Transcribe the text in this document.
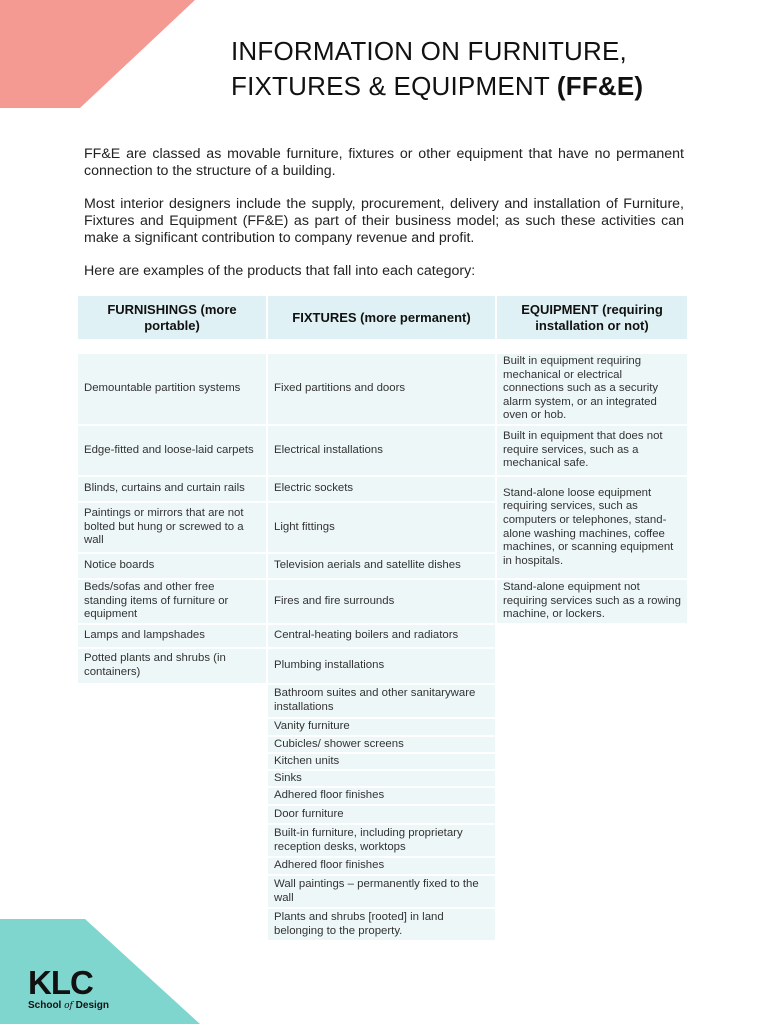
INFORMATION ON FURNITURE,
FIXTURES & EQUIPMENT (FF&E)

FF&E are classed as movable furniture, fixtures or other equipment that have no permanent connection to the structure of a building.

Most interior designers include the supply, procurement, delivery and installation of Furniture, Fixtures and Equipment (FF&E) as part of their business model; as such these activities can make a significant contribution to company revenue and profit.

Here are examples of the products that fall into each category:

FURNISHINGS (more portable)
FIXTURES (more permanent)
EQUIPMENT (requiring installation or not)
Demountable partition systems
Edge-fitted and loose-laid carpets
Blinds, curtains and curtain rails
Paintings or mirrors that are not bolted but hung or screwed to a wall
Notice boards
Beds/sofas and other free standing items of furniture or equipment
Lamps and lampshades
Potted plants and shrubs (in containers)
Fixed partitions and doors
Electrical installations
Electric sockets
Light fittings
Television aerials and satellite dishes
Fires and fire surrounds
Central-heating boilers and radiators
Plumbing installations
Bathroom suites and other sanitaryware installations
Vanity furniture
Cubicles/ shower screens
Kitchen units
Sinks
Adhered floor finishes
Door furniture
Built-in furniture, including proprietary reception desks, worktops
Adhered floor finishes
Wall paintings – permanently fixed to the wall
Plants and shrubs [rooted] in land belonging to the property.
Built in equipment requiring mechanical or electrical connections such as a security alarm system, or an integrated oven or hob.
Built in equipment that does not require services, such as a mechanical safe.
Stand-alone loose equipment requiring services, such as computers or telephones, stand-alone washing machines, coffee machines, or scanning equipment in hospitals.
Stand-alone equipment not requiring services such as a rowing machine, or lockers.
KLC
School of Design
